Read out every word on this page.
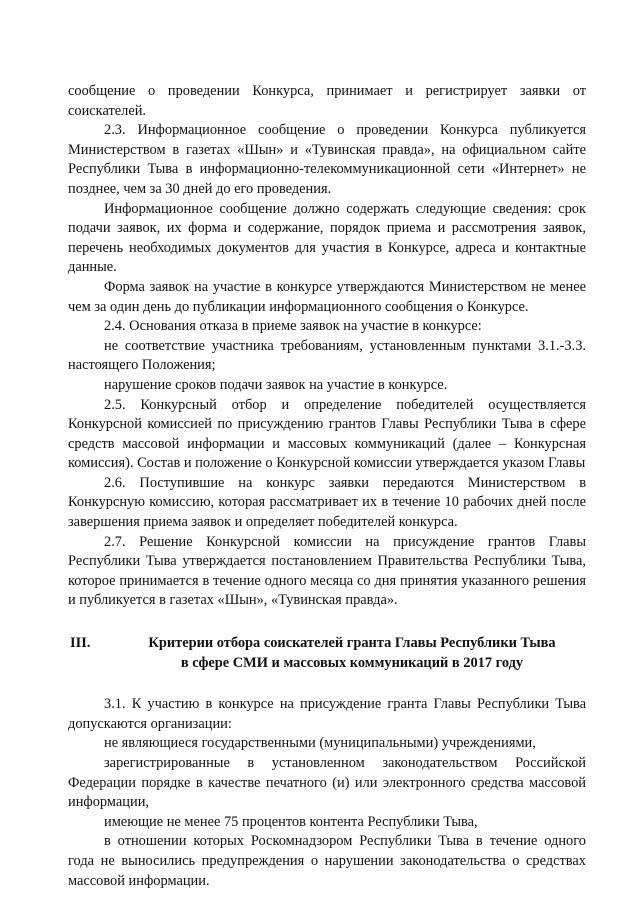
сообщение о проведении Конкурса, принимает и регистрирует заявки от соискателей.

2.3. Информационное сообщение о проведении Конкурса публикуется Министерством в газетах «Шын» и «Тувинская правда», на официальном сайте Республики Тыва в информационно-телекоммуникационной сети «Интернет» не позднее, чем за 30 дней до его проведения.

Информационное сообщение должно содержать следующие сведения: срок подачи заявок, их форма и содержание, порядок приема и рассмотрения заявок, перечень необходимых документов для участия в Конкурсе, адреса и контактные данные.

Форма заявок на участие в конкурсе утверждаются Министерством не менее чем за один день до публикации информационного сообщения о Конкурсе.

2.4. Основания отказа в приеме заявок на участие в конкурсе:

не соответствие участника требованиям, установленным пунктами 3.1.-3.3. настоящего Положения;

нарушение сроков подачи заявок на участие в конкурсе.

2.5. Конкурсный отбор и определение победителей осуществляется Конкурсной комиссией по присуждению грантов Главы Республики Тыва в сфере средств массовой информации и массовых коммуникаций (далее – Конкурсная комиссия). Состав и положение о Конкурсной комиссии утверждается указом Главы

2.6. Поступившие на конкурс заявки передаются Министерством в Конкурсную комиссию, которая рассматривает их в течение 10 рабочих дней после завершения приема заявок и определяет победителей конкурса.

2.7. Решение Конкурсной комиссии на присуждение грантов Главы Республики Тыва утверждается постановлением Правительства Республики Тыва, которое принимается в течение одного месяца со дня принятия указанного решения и публикуется в газетах «Шын», «Тувинская правда».

III.	Критерии отбора соискателей гранта Главы Республики Тыва
в сфере СМИ и массовых коммуникаций в 2017 году

3.1. К участию в конкурсе на присуждение гранта Главы Республики Тыва допускаются организации:

не являющиеся государственными (муниципальными) учреждениями,

зарегистрированные в установленном законодательством Российской Федерации порядке в качестве печатного (и) или электронного средства массовой информации,

имеющие не менее 75 процентов контента Республики Тыва,

в отношении которых Роскомнадзором Республики Тыва в течение одного года не выносились предупреждения о нарушении законодательства о средствах массовой информации.
